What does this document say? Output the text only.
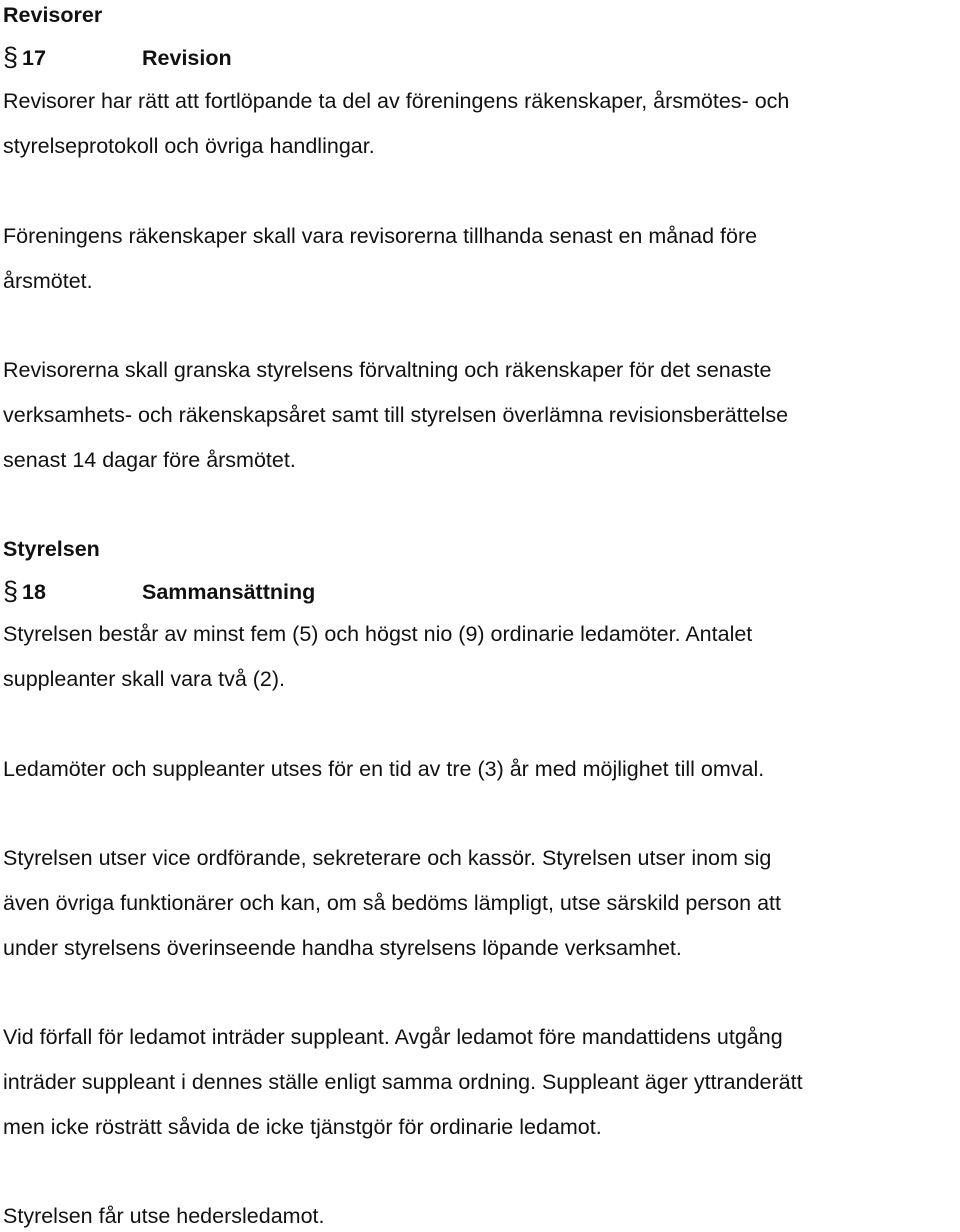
Revisorer
§ 17	Revision
Revisorer har rätt att fortlöpande ta del av föreningens räkenskaper, årsmötes- och
styrelseprotokoll och övriga handlingar.
Föreningens räkenskaper skall vara revisorerna tillhanda senast en månad före
årsmötet.
Revisorerna skall granska styrelsens förvaltning och räkenskaper för det senaste
verksamhets- och räkenskapsåret samt till styrelsen överlämna revisionsberättelse
senast 14 dagar före årsmötet.
Styrelsen
§ 18	Sammansättning
Styrelsen består av minst fem (5) och högst nio (9) ordinarie ledamöter. Antalet
suppleanter skall vara två (2).
Ledamöter och suppleanter utses för en tid av tre (3) år med möjlighet till omval.
Styrelsen utser vice ordförande, sekreterare och kassör. Styrelsen utser inom sig
även övriga funktionärer och kan, om så bedöms lämpligt, utse särskild person att
under styrelsens överinseende handha styrelsens löpande verksamhet.
Vid förfall för ledamot inträder suppleant. Avgår ledamot före mandattidens utgång
inträder suppleant i dennes ställe enligt samma ordning. Suppleant äger yttranderätt
men icke rösträtt såvida de icke tjänstgör för ordinarie ledamot.
Styrelsen får utse hedersledamot.
